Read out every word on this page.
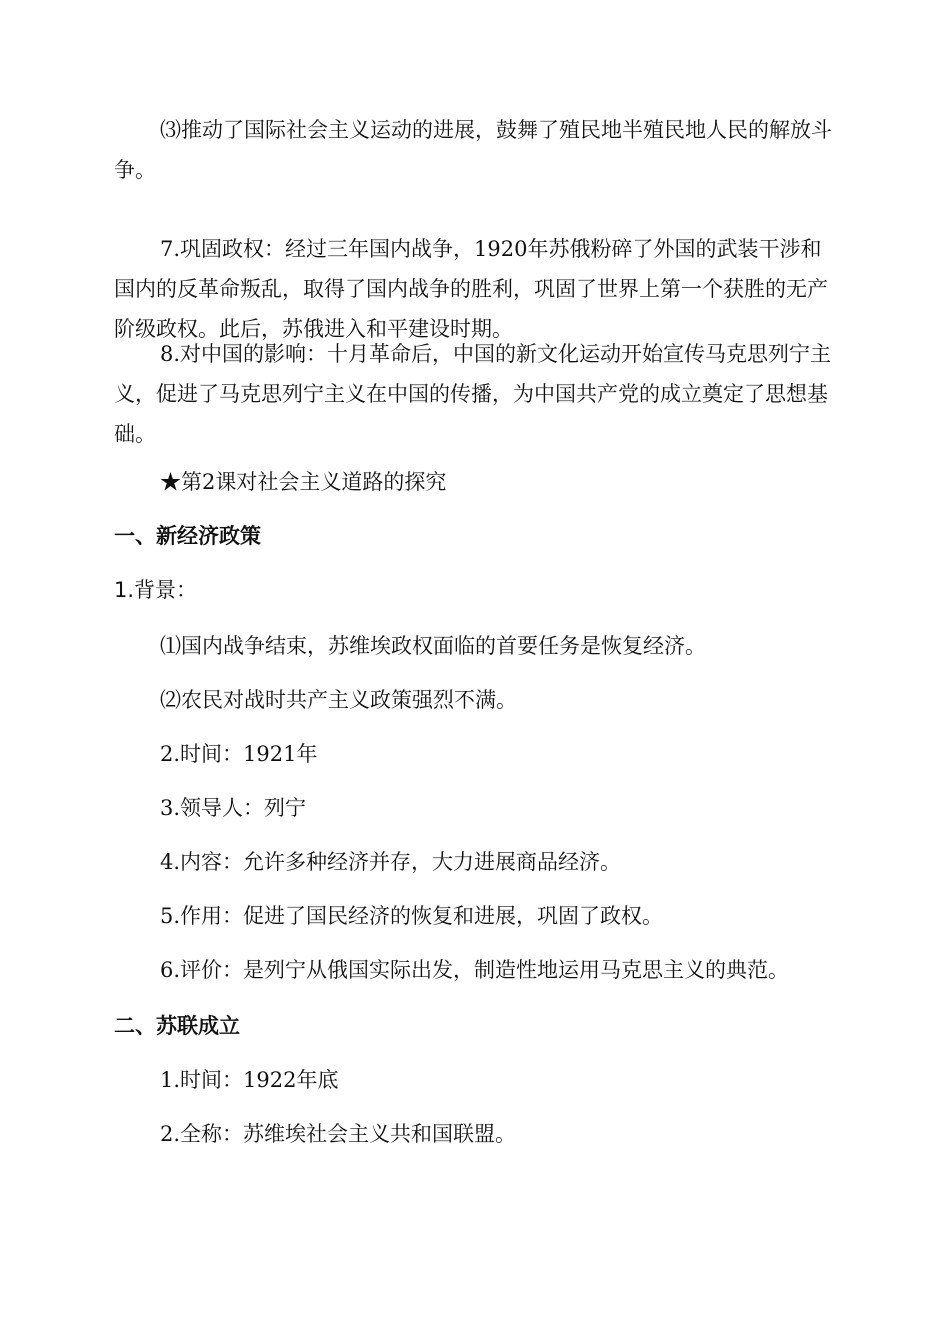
⑶推动了国际社会主义运动的进展，鼓舞了殖民地半殖民地人民的解放斗争。

7.巩固政权：经过三年国内战争，1920年苏俄粉碎了外国的武装干涉和国内的反革命叛乱，取得了国内战争的胜利，巩固了世界上第一个获胜的无产阶级政权。此后，苏俄进入和平建设时期。

8.对中国的影响：十月革命后，中国的新文化运动开始宣传马克思列宁主义，促进了马克思列宁主义在中国的传播，为中国共产党的成立奠定了思想基础。

★第2课对社会主义道路的探究

一、新经济政策

1.背景：

⑴国内战争结束，苏维埃政权面临的首要任务是恢复经济。

⑵农民对战时共产主义政策强烈不满。

2.时间：1921年

3.领导人：列宁

4.内容：允许多种经济并存，大力进展商品经济。

5.作用：促进了国民经济的恢复和进展，巩固了政权。

6.评价：是列宁从俄国实际出发，制造性地运用马克思主义的典范。

二、苏联成立

1.时间：1922年底

2.全称：苏维埃社会主义共和国联盟。
